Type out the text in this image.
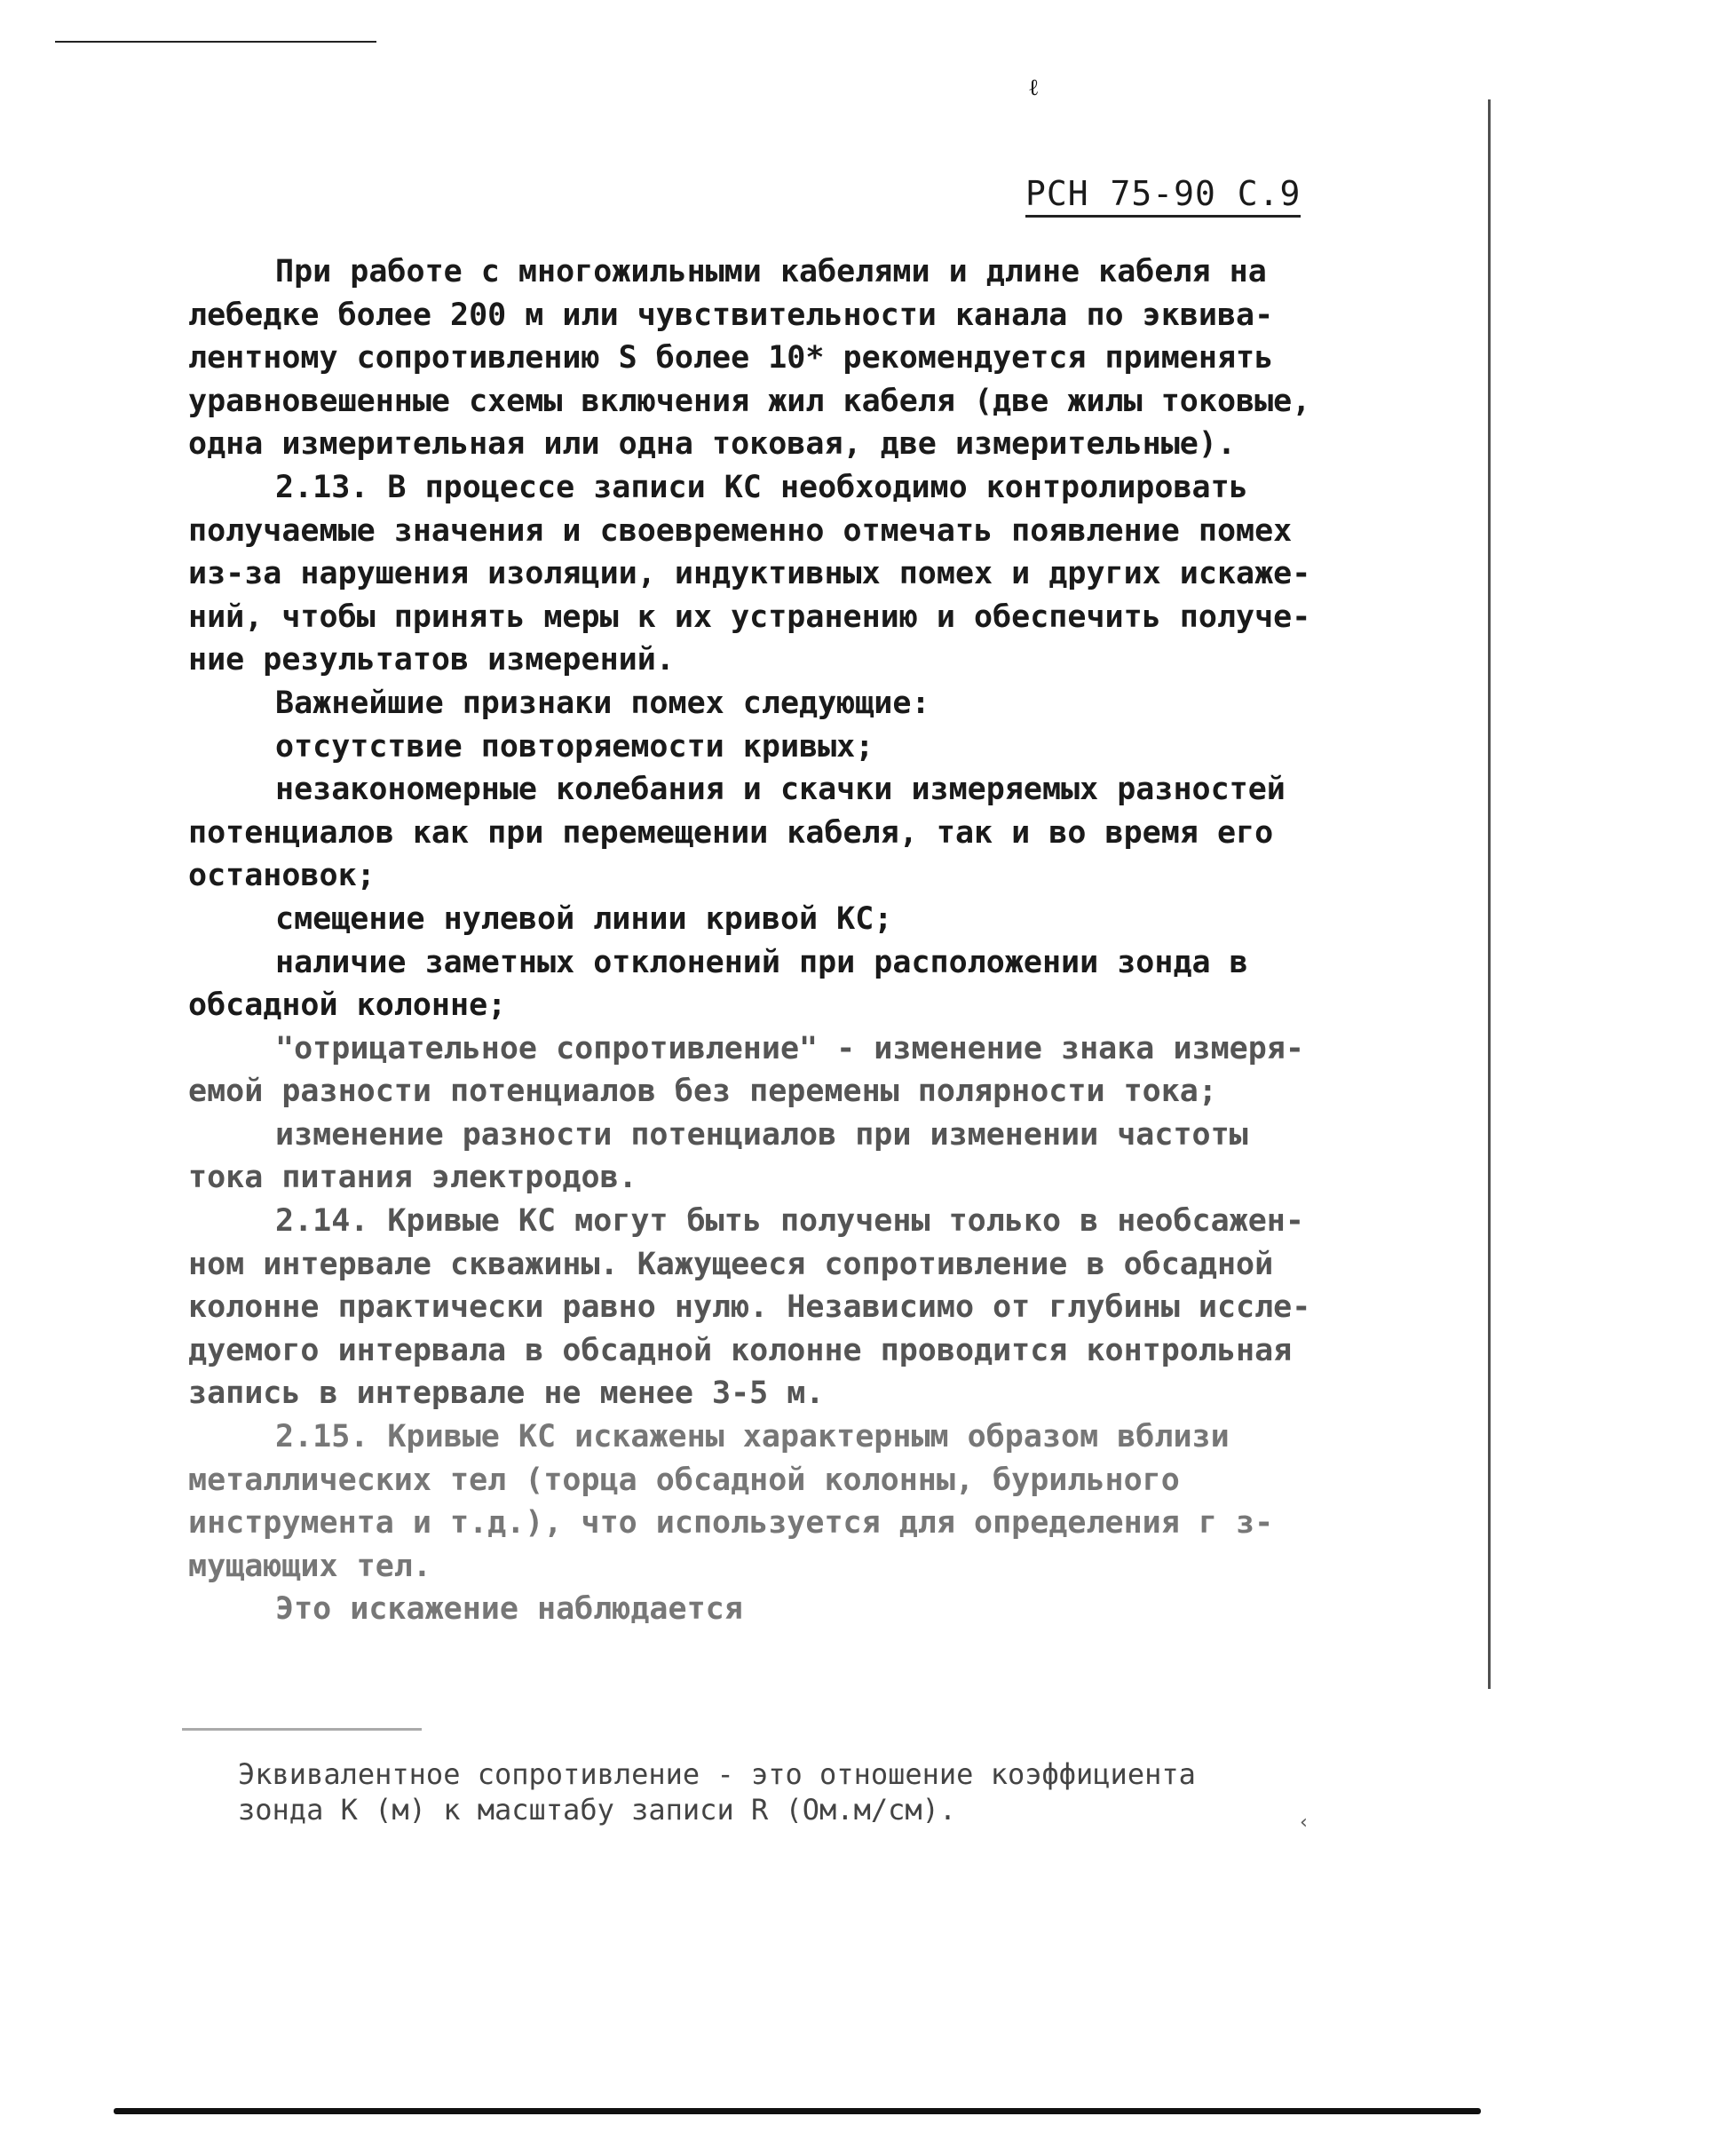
ℓ
РСН 75-90 С.9
При работе с многожильными кабелями и длине кабеля на
лебедке более 200 м или чувствительности канала по эквива-
лентному сопротивлению S более 10* рекомендуется применять
уравновешенные схемы включения жил кабеля (две жилы токовые,
одна измерительная или одна токовая, две измерительные).
2.13. В процессе записи КС необходимо контролировать
получаемые значения и своевременно отмечать появление помех
из-за нарушения изоляции, индуктивных помех и других искаже-
ний, чтобы принять меры к их устранению и обеспечить получе-
ние результатов измерений.
Важнейшие признаки помех следующие:
отсутствие повторяемости кривых;
незакономерные колебания и скачки измеряемых разностей
потенциалов как при перемещении кабеля, так и во время его
остановок;
смещение нулевой линии кривой КС;
наличие заметных отклонений при расположении зонда в
обсадной колонне;
"отрицательное сопротивление" - изменение знака измеря-
емой разности потенциалов без перемены полярности тока;
изменение разности потенциалов при изменении частоты
тока питания электродов.
2.14. Кривые КС могут быть получены только в необсажен-
ном интервале скважины. Кажущееся сопротивление в обсадной
колонне практически равно нулю. Независимо от глубины иссле-
дуемого интервала в обсадной колонне проводится контрольная
запись в интервале не менее 3-5 м.
2.15. Кривые КС искажены характерным образом вблизи
металлических тел (торца обсадной колонны, бурильного
инструмента и т.д.), что используется для определения г з-
мущающих тел.
Это искажение наблюдается
Эквивалентное сопротивление - это отношение коэффициента
зонда К (м) к масштабу записи R (Ом.м/см).	‹
